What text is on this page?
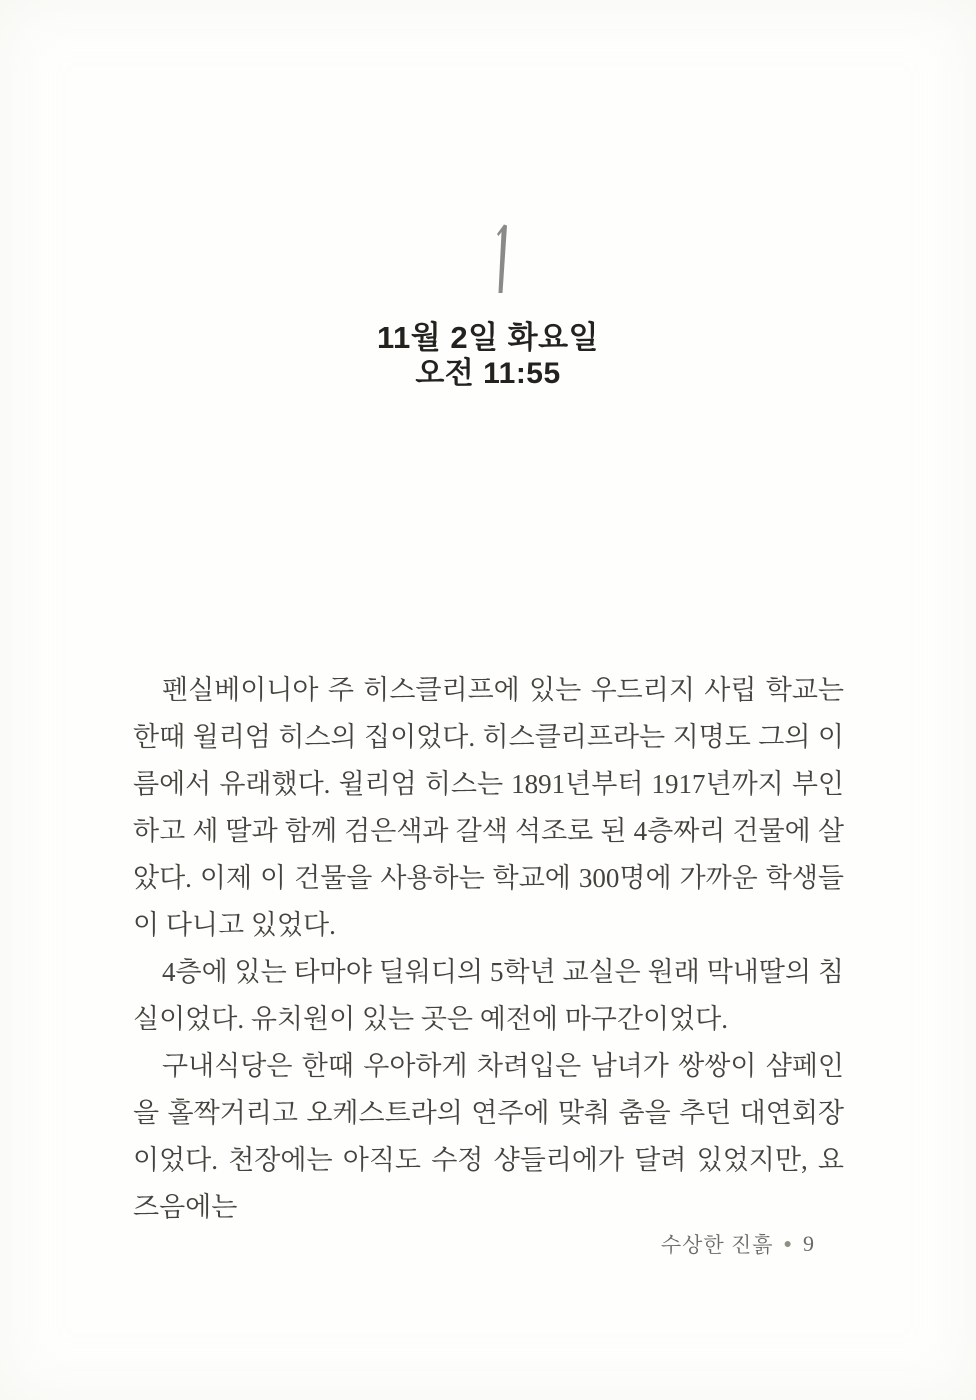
11월 2일 화요일
오전 11:55

펜실베이니아 주 히스클리프에 있는 우드리지 사립 학교는 한때 윌리엄 히스의 집이었다. 히스클리프라는 지명도 그의 이름에서 유래했다. 윌리엄 히스는 1891년부터 1917년까지 부인하고 세 딸과 함께 검은색과 갈색 석조로 된 4층짜리 건물에 살았다. 이제 이 건물을 사용하는 학교에 300명에 가까운 학생들이 다니고 있었다.

4층에 있는 타마야 딜워디의 5학년 교실은 원래 막내딸의 침실이었다. 유치원이 있는 곳은 예전에 마구간이었다.

구내식당은 한때 우아하게 차려입은 남녀가 쌍쌍이 샴페인을 홀짝거리고 오케스트라의 연주에 맞춰 춤을 추던 대연회장이었다. 천장에는 아직도 수정 샹들리에가 달려 있었지만, 요즈음에는

수상한 진흙 ● 9
